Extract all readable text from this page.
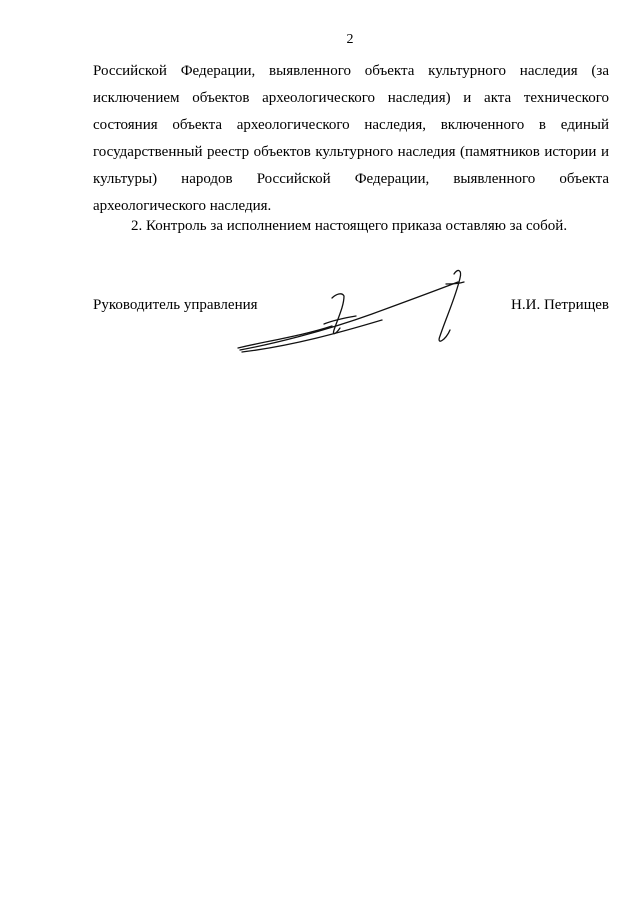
2
Российской Федерации, выявленного объекта культурного наследия (за
исключением объектов археологического наследия) и акта технического
состояния объекта археологического наследия, включенного в единый
государственный реестр объектов культурного наследия (памятников истории и
культуры) народов Российской Федерации, выявленного объекта
археологического наследия.
2. Контроль за исполнением настоящего приказа оставляю за собой.
Руководитель управления	Н.И. Петрищев
